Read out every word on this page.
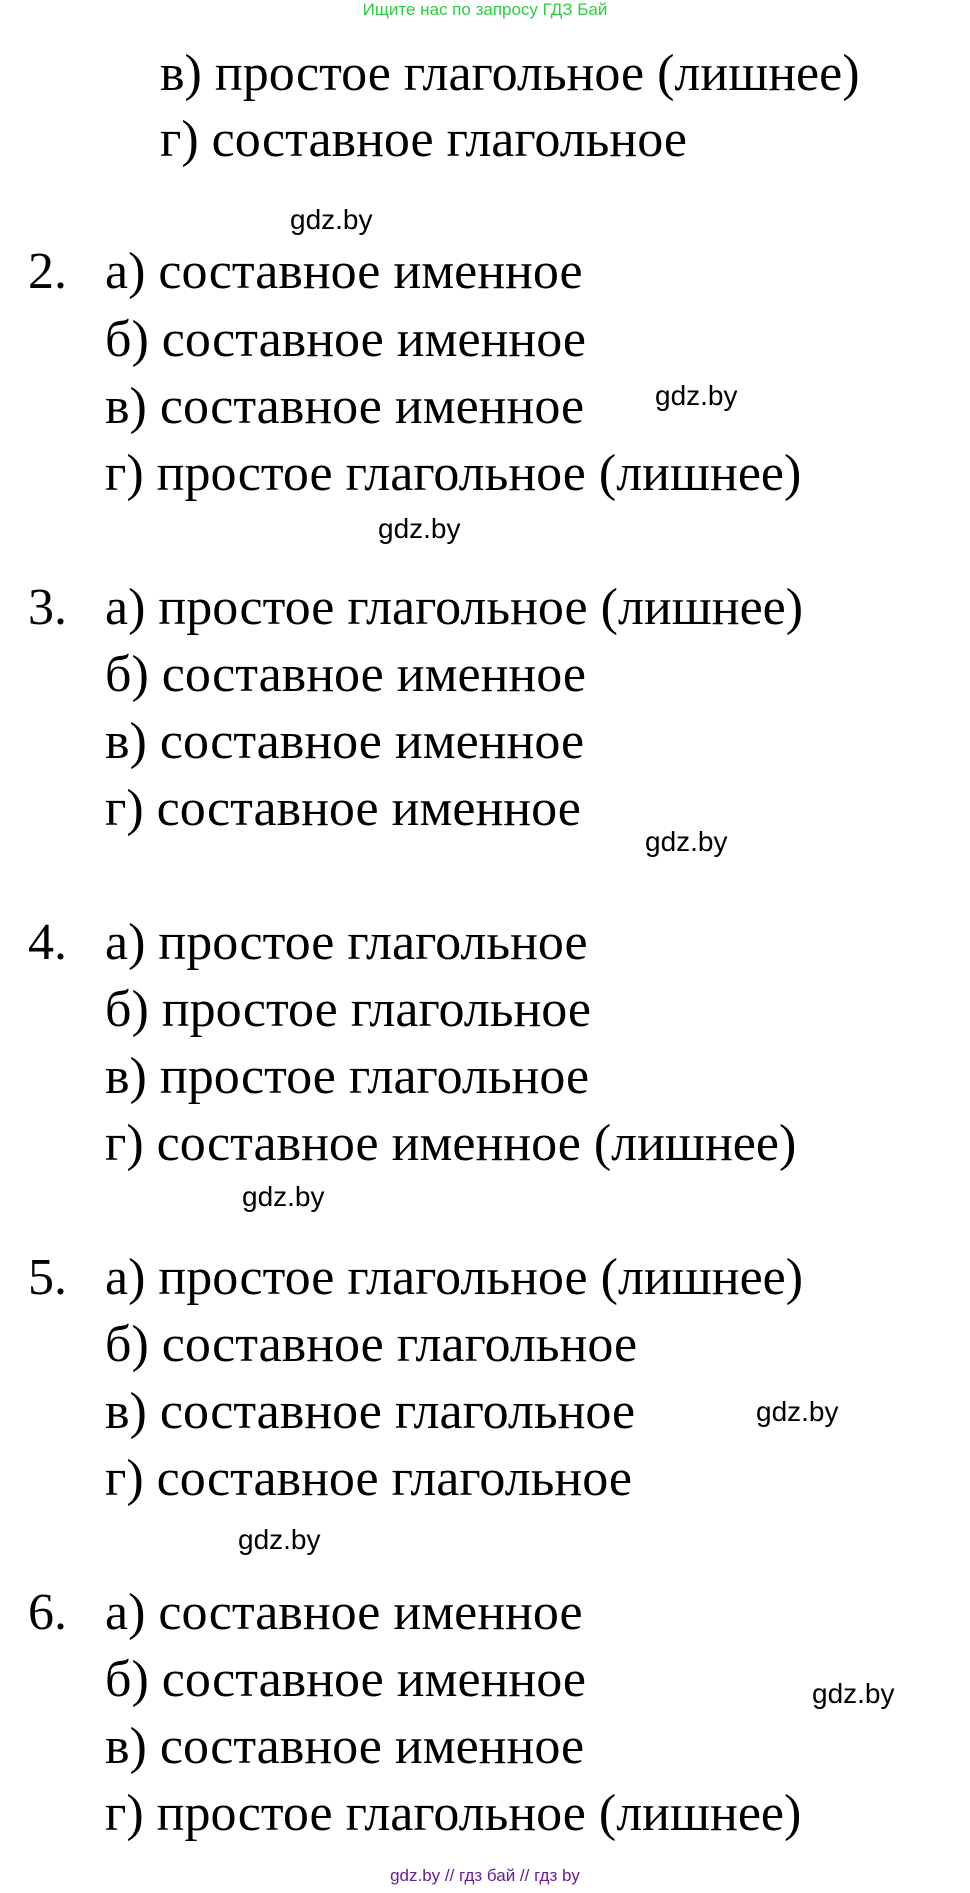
Ищите нас по запросу ГДЗ Бай
в) простое глагольное (лишнее)
г) составное глагольное
gdz.by
2. а) составное именное
б) составное именное
в) составное именное	gdz.by
г) простое глагольное (лишнее)
gdz.by
3. а) простое глагольное (лишнее)
б) составное именное
в) составное именное
г) составное именное
gdz.by
4. а) простое глагольное
б) простое глагольное
в) простое глагольное
г) составное именное (лишнее)
gdz.by
5. а) простое глагольное (лишнее)
б) составное глагольное
в) составное глагольное	gdz.by
г) составное глагольное
gdz.by
6. а) составное именное
б) составное именное	gdz.by
в) составное именное
г) простое глагольное (лишнее)
gdz.by // гдз бай // гдз by
